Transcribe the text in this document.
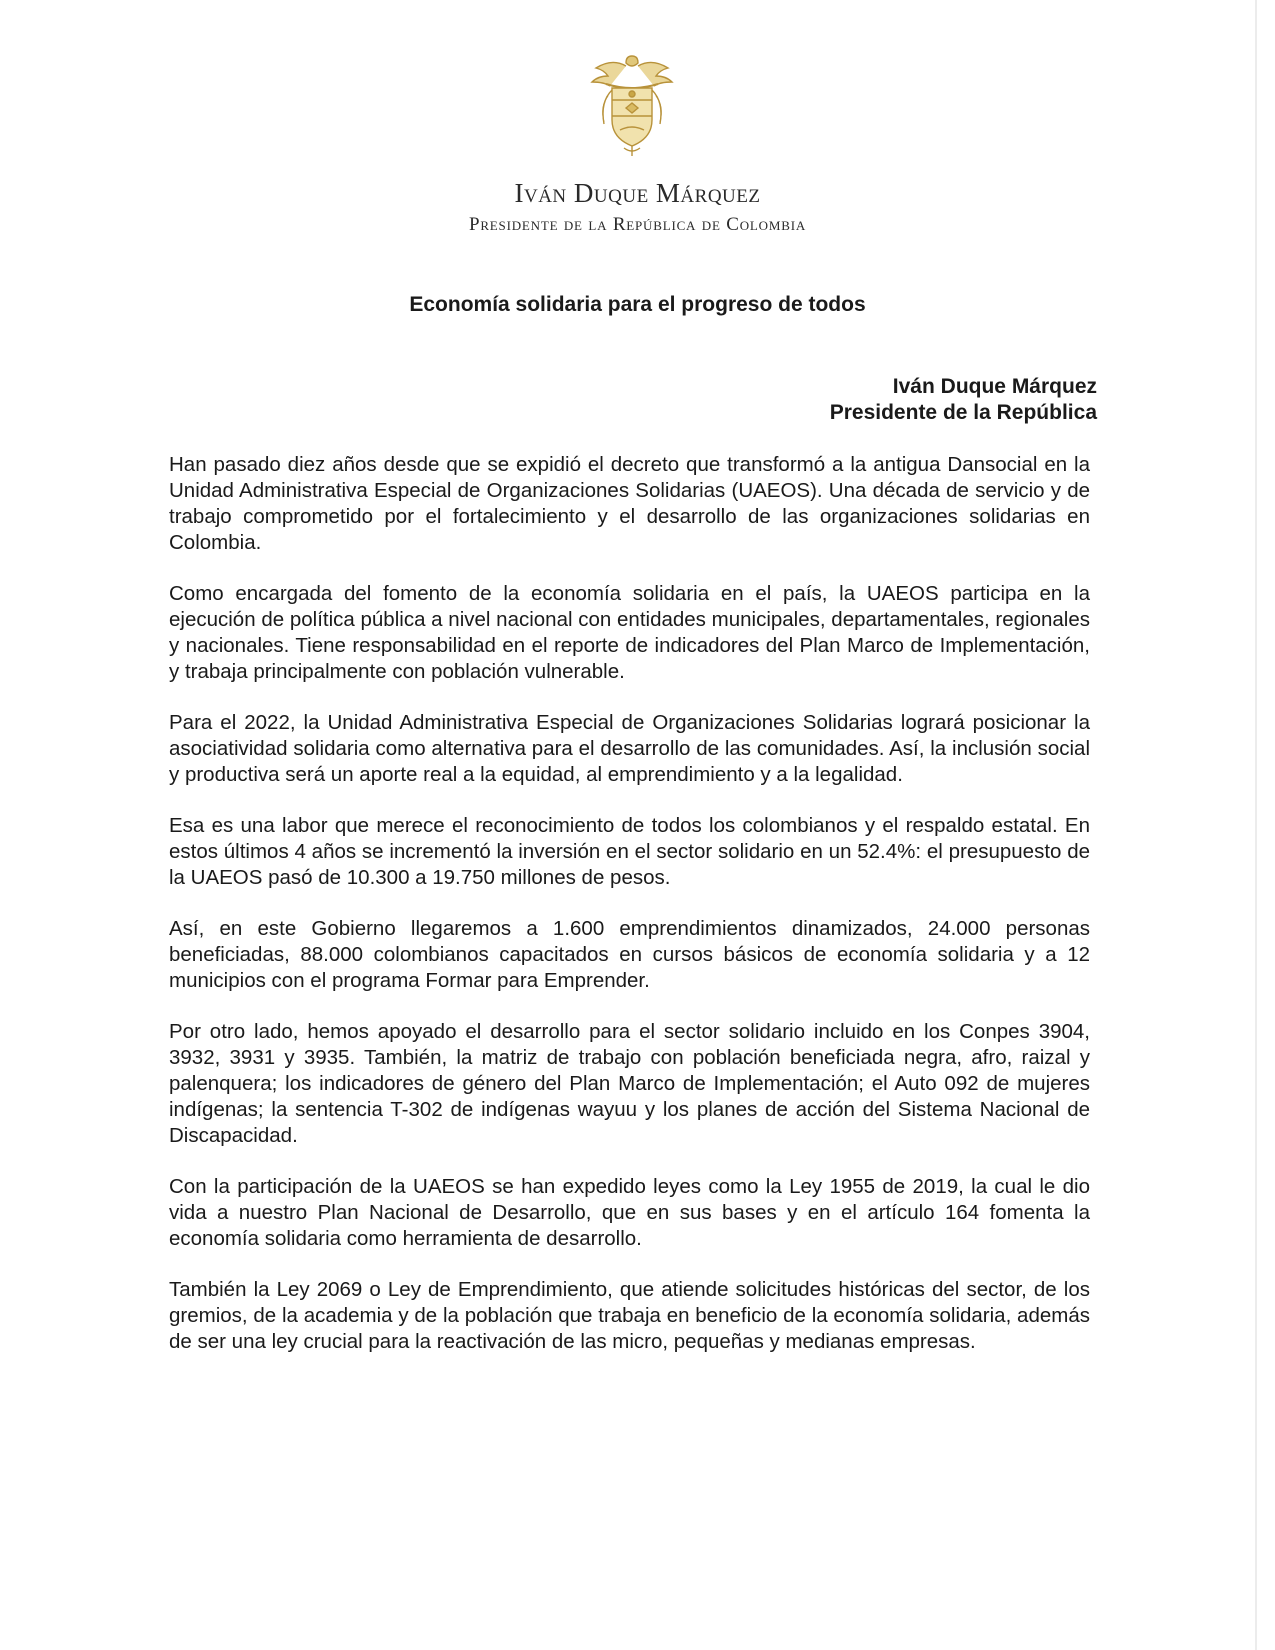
Iván Duque Márquez
Presidente de la República de Colombia
Economía solidaria para el progreso de todos
Iván Duque Márquez
Presidente de la República

Han pasado diez años desde que se expidió el decreto que transformó a la antigua Dansocial en la Unidad Administrativa Especial de Organizaciones Solidarias (UAEOS). Una década de servicio y de trabajo comprometido por el fortalecimiento y el desarrollo de las organizaciones solidarias en Colombia.

Como encargada del fomento de la economía solidaria en el país, la UAEOS participa en la ejecución de política pública a nivel nacional con entidades municipales, departamentales, regionales y nacionales. Tiene responsabilidad en el reporte de indicadores del Plan Marco de Implementación, y trabaja principalmente con población vulnerable.

Para el 2022, la Unidad Administrativa Especial de Organizaciones Solidarias logrará posicionar la asociatividad solidaria como alternativa para el desarrollo de las comunidades. Así, la inclusión social y productiva será un aporte real a la equidad, al emprendimiento y a la legalidad.

Esa es una labor que merece el reconocimiento de todos los colombianos y el respaldo estatal. En estos últimos 4 años se incrementó la inversión en el sector solidario en un 52.4%: el presupuesto de la UAEOS pasó de 10.300 a 19.750 millones de pesos.

Así, en este Gobierno llegaremos a 1.600 emprendimientos dinamizados, 24.000 personas beneficiadas, 88.000 colombianos capacitados en cursos básicos de economía solidaria y a 12 municipios con el programa Formar para Emprender.

Por otro lado, hemos apoyado el desarrollo para el sector solidario incluido en los Conpes 3904, 3932, 3931 y 3935. También, la matriz de trabajo con población beneficiada negra, afro, raizal y palenquera; los indicadores de género del Plan Marco de Implementación; el Auto 092 de mujeres indígenas; la sentencia T-302 de indígenas wayuu y los planes de acción del Sistema Nacional de Discapacidad.

Con la participación de la UAEOS se han expedido leyes como la Ley 1955 de 2019, la cual le dio vida a nuestro Plan Nacional de Desarrollo, que en sus bases y en el artículo 164 fomenta la economía solidaria como herramienta de desarrollo.

También la Ley 2069 o Ley de Emprendimiento, que atiende solicitudes históricas del sector, de los gremios, de la academia y de la población que trabaja en beneficio de la economía solidaria, además de ser una ley crucial para la reactivación de las micro, pequeñas y medianas empresas.
